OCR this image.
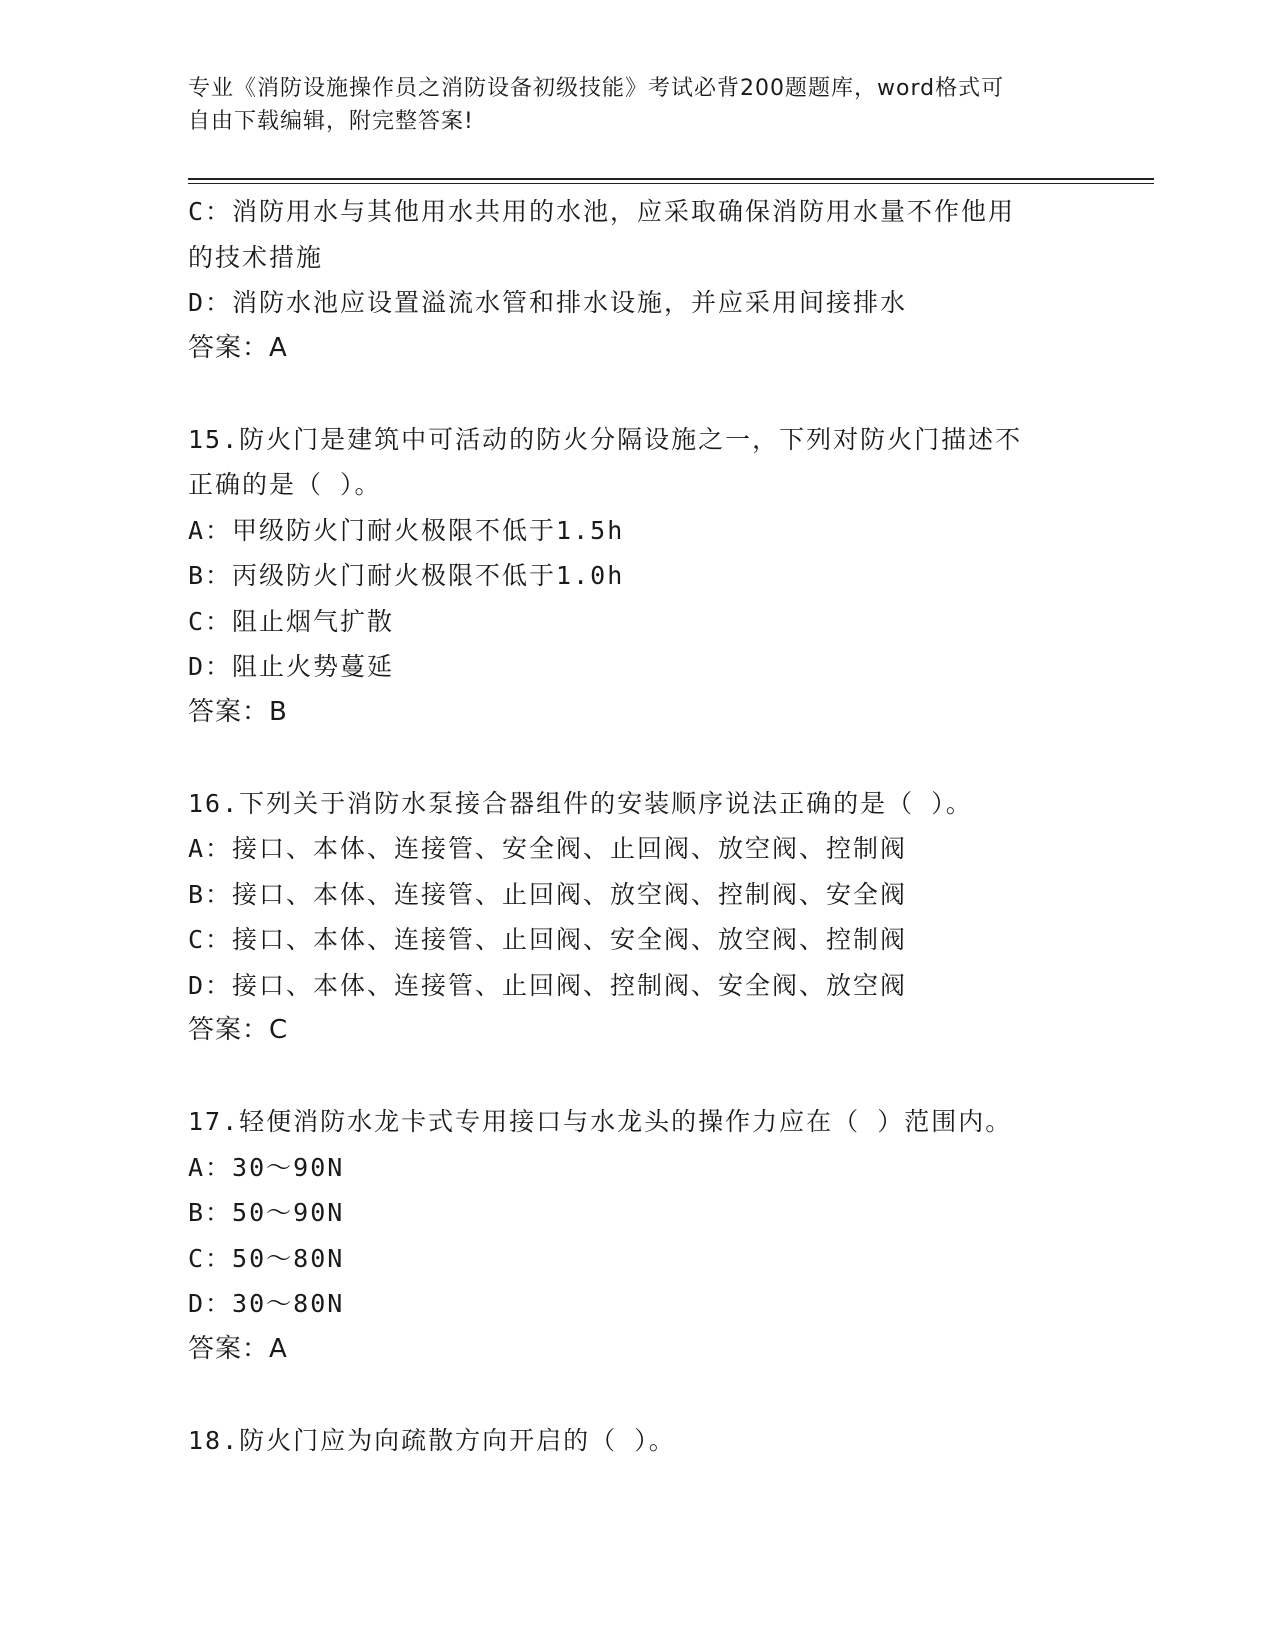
专业《消防设施操作员之消防设备初级技能》考试必背200题题库，word格式可
自由下载编辑，附完整答案!
C：消防用水与其他用水共用的水池，应采取确保消防用水量不作他用
的技术措施
D：消防水池应设置溢流水管和排水设施，并应采用间接排水
答案：A
15.防火门是建筑中可活动的防火分隔设施之一，下列对防火门描述不
正确的是（ ）。
A：甲级防火门耐火极限不低于1.5h
B：丙级防火门耐火极限不低于1.0h
C：阻止烟气扩散
D：阻止火势蔓延
答案：B
16.下列关于消防水泵接合器组件的安装顺序说法正确的是（ ）。
A：接口、本体、连接管、安全阀、止回阀、放空阀、控制阀
B：接口、本体、连接管、止回阀、放空阀、控制阀、安全阀
C：接口、本体、连接管、止回阀、安全阀、放空阀、控制阀
D：接口、本体、连接管、止回阀、控制阀、安全阀、放空阀
答案：C
17.轻便消防水龙卡式专用接口与水龙头的操作力应在（ ）范围内。
A：30～90N
B：50～90N
C：50～80N
D：30～80N
答案：A
18.防火门应为向疏散方向开启的（ ）。
